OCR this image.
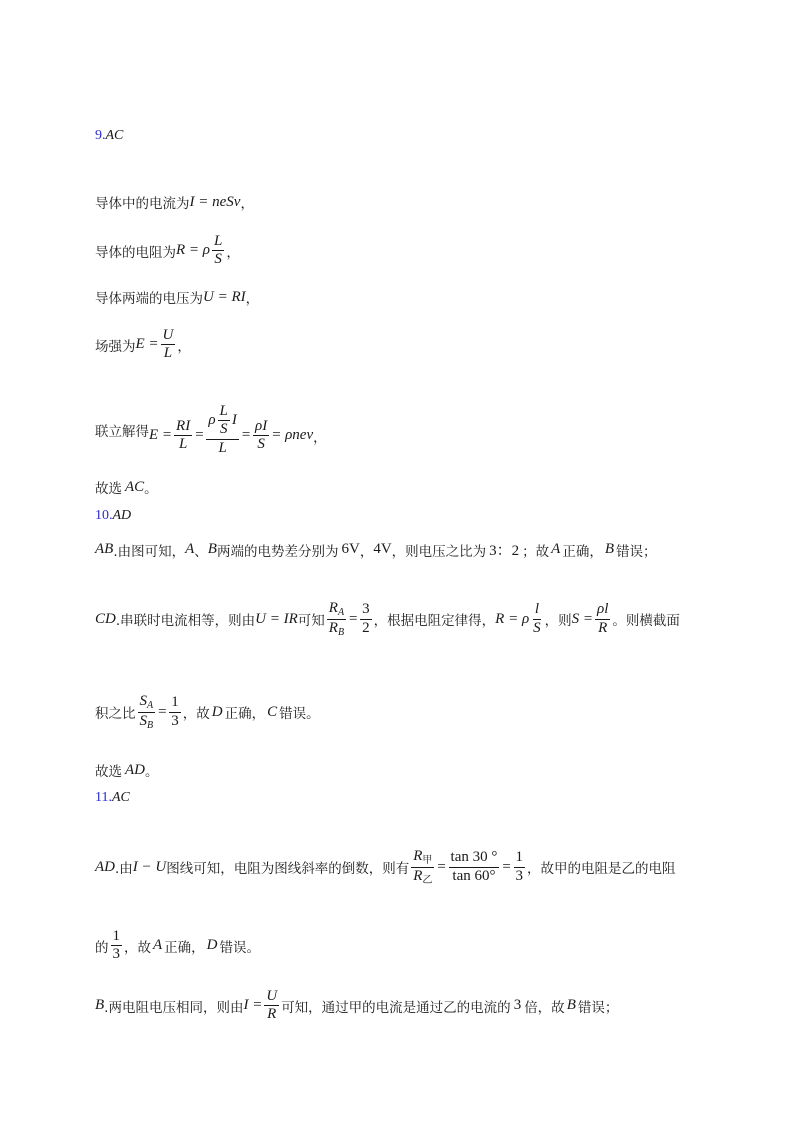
9 . AC
导体中的电流为 I = neSv ，
导体的电阻为 R = ρ $\frac{L}{S}$ ，
导体两端的电压为 U = RI ，
场强为 $E = \frac{U}{L}$ ，
联立解得 $E = \frac{RI}{L} = \frac{\rho \frac{L}{S} I}{L} = \frac{\rho I}{S} = \rho nev$ ，
故选 AC 。
10 . AD
AB .由图可知， A 、 B 两端的电势差分别为 6V ， 4V ，则电压之比为 3：2 ；故 A 正确， B 错误；
CD .串联时电流相等，则由 U = IR 可知 $\frac{R_A}{R_B} = \frac{3}{2}$ ，根据电阻定律得， R = ρ $\frac{l}{S}$ ，则 $S = \frac{\rho l}{R}$ 。则横截面
积之比 $\frac{S_A}{S_B} = \frac{1}{3}$ ，故 D 正确， C 错误。
故选 AD 。
11 . AC
AD .由 I − U 图线可知，电阻为图线斜率的倒数，则有 $\frac{R_甲}{R_乙} = \frac{\tan 30 ^\circ}{\tan 60^\circ} = \frac{1}{3}$ ，故甲的电阻是乙的电阻
的 $\frac{1}{3}$ ，故 A 正确， D 错误。
B .两电阻电压相同，则由 $I = \frac{U}{R}$ 可知，通过甲的电流是通过乙的电流的 3 倍，故 B 错误；
